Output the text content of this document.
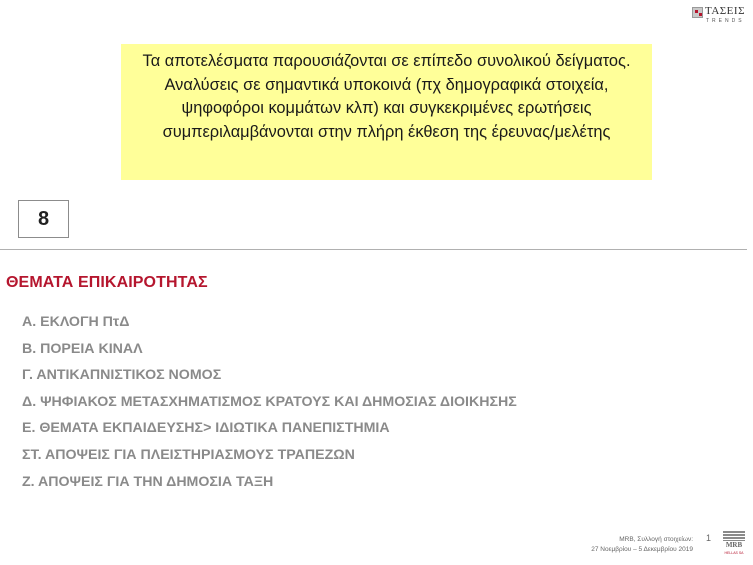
ΤΑΣΕΙΣ
TRENDS
Τα αποτελέσματα παρουσιάζονται σε επίπεδο συνολικού δείγματος. Αναλύσεις σε σημαντικά υποκοινά (πχ δημογραφικά στοιχεία, ψηφοφόροι κομμάτων κλπ) και συγκεκριμένες ερωτήσεις συμπεριλαμβάνονται στην πλήρη έκθεση της έρευνας/μελέτης
8
ΘΕΜΑΤΑ ΕΠΙΚΑΙΡΟΤΗΤΑΣ
Α. ΕΚΛΟΓΗ ΠτΔ
Β. ΠΟΡΕΙΑ ΚΙΝΑΛ
Γ. ΑΝΤΙΚΑΠΝΙΣΤΙΚΟΣ ΝΟΜΟΣ
Δ. ΨΗΦΙΑΚΟΣ ΜΕΤΑΣΧΗΜΑΤΙΣΜΟΣ ΚΡΑΤΟΥΣ ΚΑΙ ΔΗΜΟΣΙΑΣ ΔΙΟΙΚΗΣΗΣ
Ε. ΘΕΜΑΤΑ ΕΚΠΑΙΔΕΥΣΗΣ> ΙΔΙΩΤΙΚΑ ΠΑΝΕΠΙΣΤΗΜΙΑ
ΣΤ. ΑΠΟΨΕΙΣ ΓΙΑ ΠΛΕΙΣΤΗΡΙΑΣΜΟΥΣ ΤΡΑΠΕΖΩΝ
Ζ. ΑΠΟΨΕΙΣ ΓΙΑ ΤΗΝ ΔΗΜΟΣΙΑ ΤΑΞΗ
MRB, Συλλογή στοιχείων:
27 Νοεμβρίου – 5 Δεκεμβρίου 2019
1
MRB
HELLAS SA
